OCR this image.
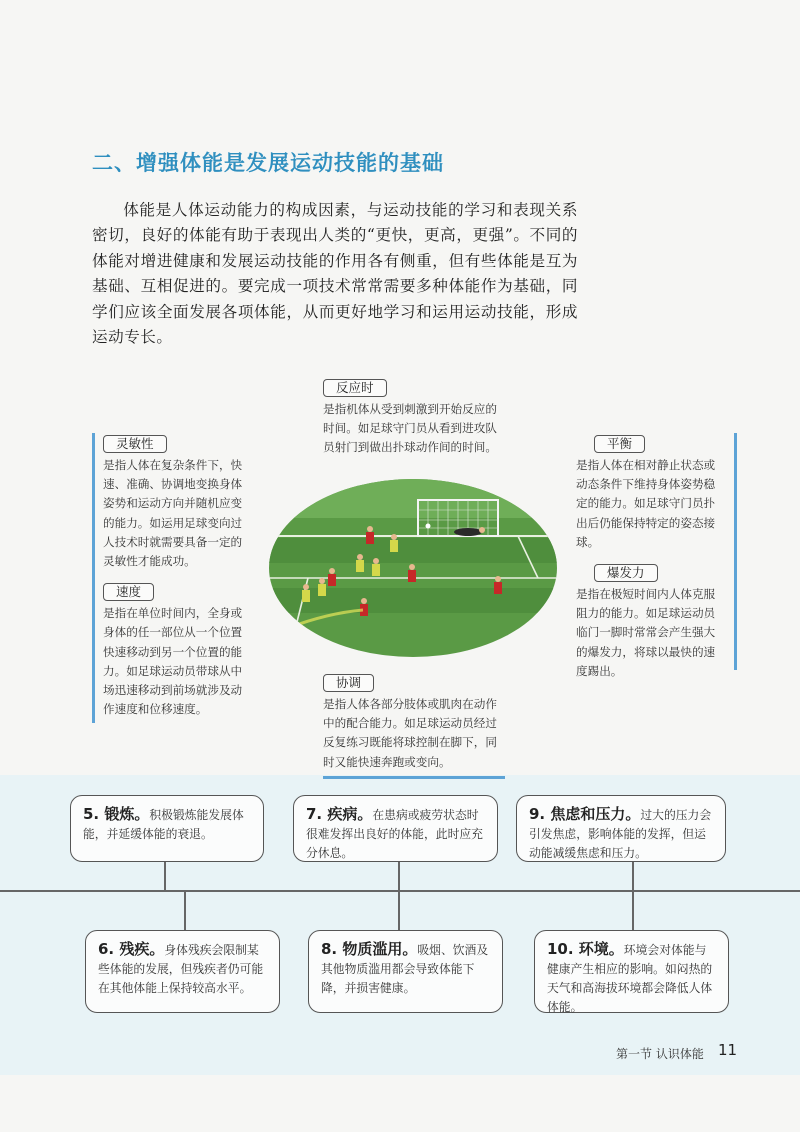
二、增强体能是发展运动技能的基础

体能是人体运动能力的构成因素，与运动技能的学习和表现关系密切，良好的体能有助于表现出人类的“更快，更高，更强”。不同的体能对增进健康和发展运动技能的作用各有侧重，但有些体能是互为基础、互相促进的。要完成一项技术常常需要多种体能作为基础，同学们应该全面发展各项体能，从而更好地学习和运用运动技能，形成运动专长。

反应时
是指机体从受到刺激到开始反应的时间。如足球守门员从看到进攻队员射门到做出扑球动作间的时间。
灵敏性
是指人体在复杂条件下，快速、准确、协调地变换身体姿势和运动方向并随机应变的能力。如运用足球变向过人技术时就需要具备一定的灵敏性才能成功。
速度
是指在单位时间内，全身或身体的任一部位从一个位置快速移动到另一个位置的能力。如足球运动员带球从中场迅速移动到前场就涉及动作速度和位移速度。
平衡
是指人体在相对静止状态或动态条件下维持身体姿势稳定的能力。如足球守门员扑出后仍能保持特定的姿态接球。
爆发力
是指在极短时间内人体克服阻力的能力。如足球运动员临门一脚时常常会产生强大的爆发力，将球以最快的速度踢出。
协调
是指人体各部分肢体或肌肉在动作中的配合能力。如足球运动员经过反复练习既能将球控制在脚下，同时又能快速奔跑或变向。
5. 锻炼。积极锻炼能发展体能，并延缓体能的衰退。
7. 疾病。在患病或疲劳状态时很难发挥出良好的体能，此时应充分休息。
9. 焦虑和压力。过大的压力会引发焦虑，影响体能的发挥，但运动能减缓焦虑和压力。
6. 残疾。身体残疾会限制某些体能的发展，但残疾者仍可能在其他体能上保持较高水平。
8. 物质滥用。吸烟、饮酒及其他物质滥用都会导致体能下降，并损害健康。
10. 环境。环境会对体能与健康产生相应的影响。如闷热的天气和高海拔环境都会降低人体体能。
第一节 认识体能 11
